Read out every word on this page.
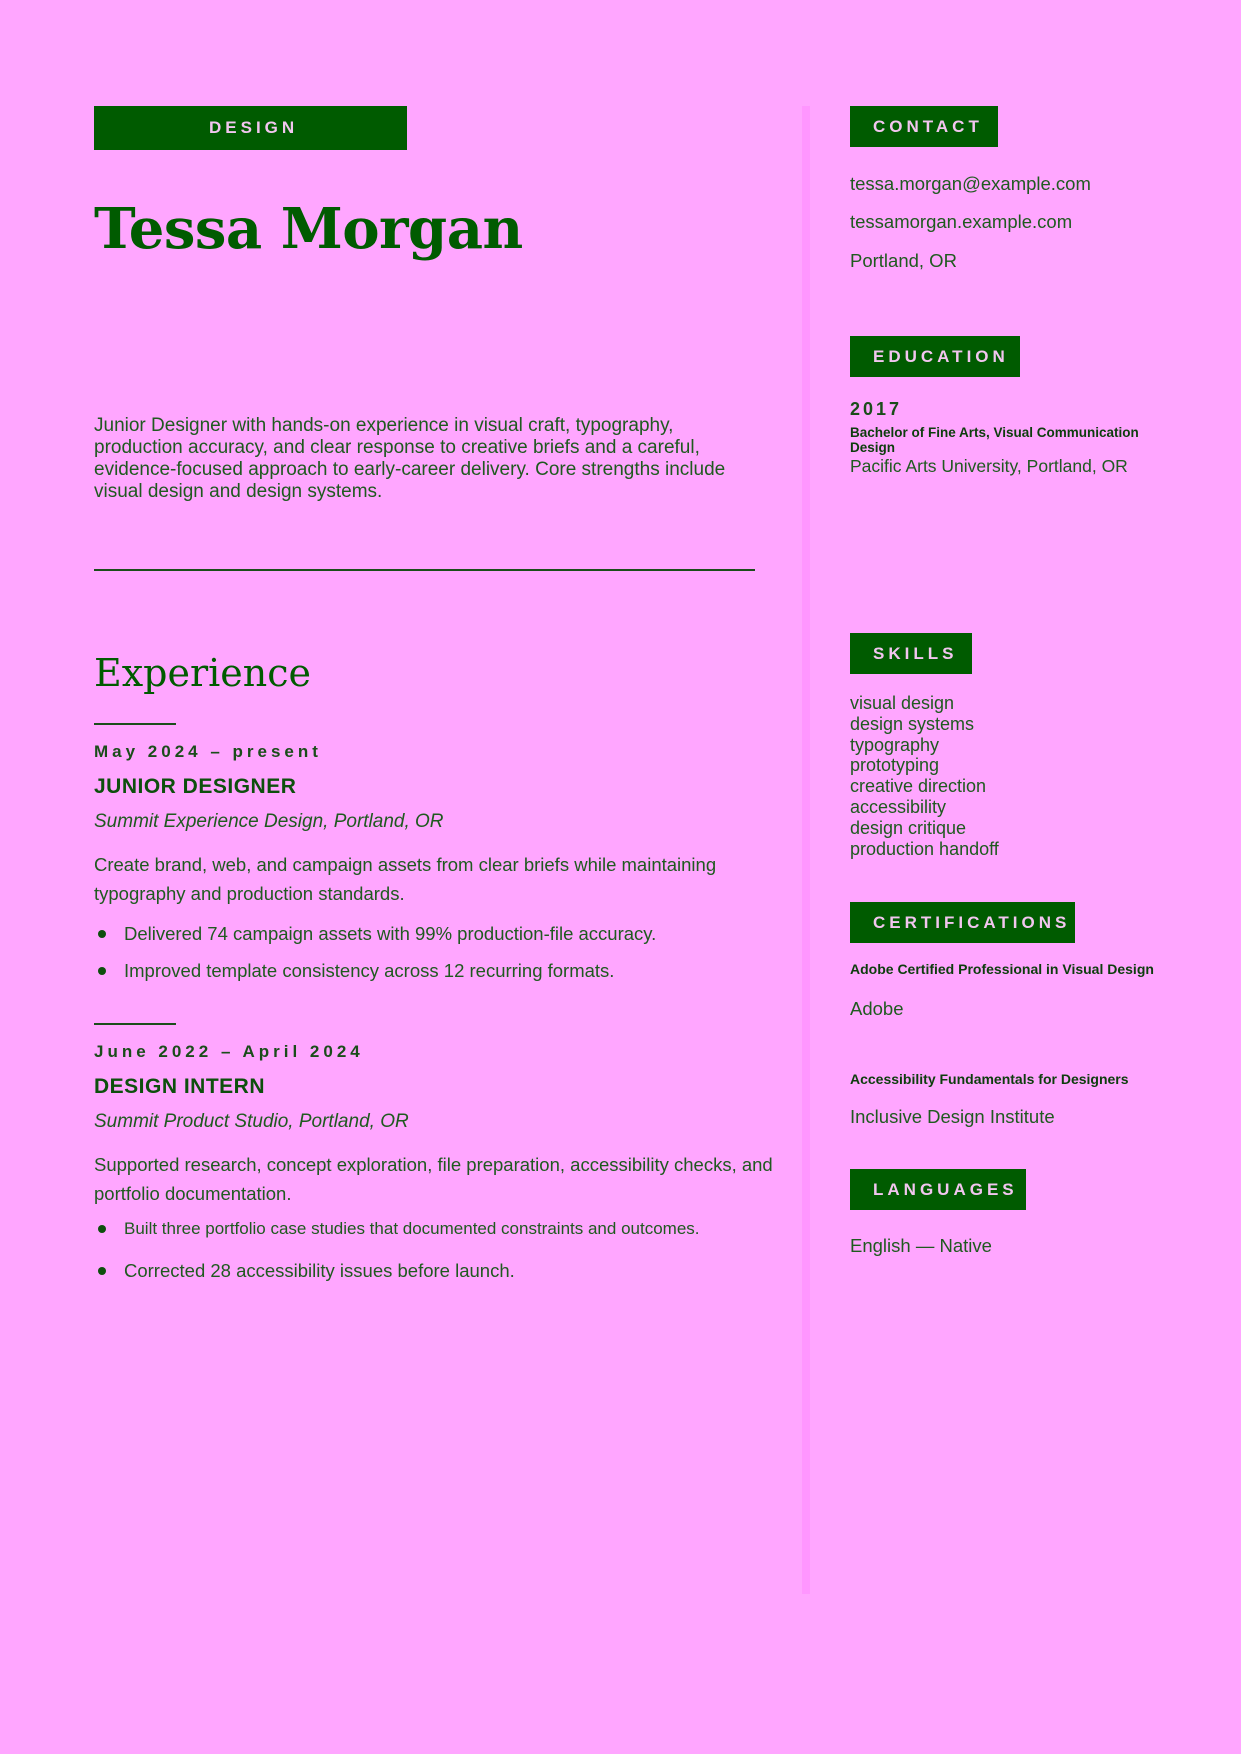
DESIGN
Tessa Morgan
Junior Designer with hands-on experience in visual craft, typography, production accuracy, and clear response to creative briefs and a careful, evidence-focused approach to early-career delivery. Core strengths include visual design and design systems.
Experience
May 2024 – present
JUNIOR DESIGNER
Summit Experience Design, Portland, OR
Create brand, web, and campaign assets from clear briefs while maintaining typography and production standards.
Delivered 74 campaign assets with 99% production-file accuracy.
Improved template consistency across 12 recurring formats.
June 2022 – April 2024
DESIGN INTERN
Summit Product Studio, Portland, OR
Supported research, concept exploration, file preparation, accessibility checks, and portfolio documentation.
Built three portfolio case studies that documented constraints and outcomes.
Corrected 28 accessibility issues before launch.
CONTACT
tessa.morgan@example.com
tessamorgan.example.com
Portland, OR
EDUCATION
2017
Bachelor of Fine Arts, Visual Communication Design
Pacific Arts University, Portland, OR
SKILLS
visual design
design systems
typography
prototyping
creative direction
accessibility
design critique
production handoff
CERTIFICATIONS
Adobe Certified Professional in Visual Design
Adobe
Accessibility Fundamentals for Designers
Inclusive Design Institute
LANGUAGES
English — Native
